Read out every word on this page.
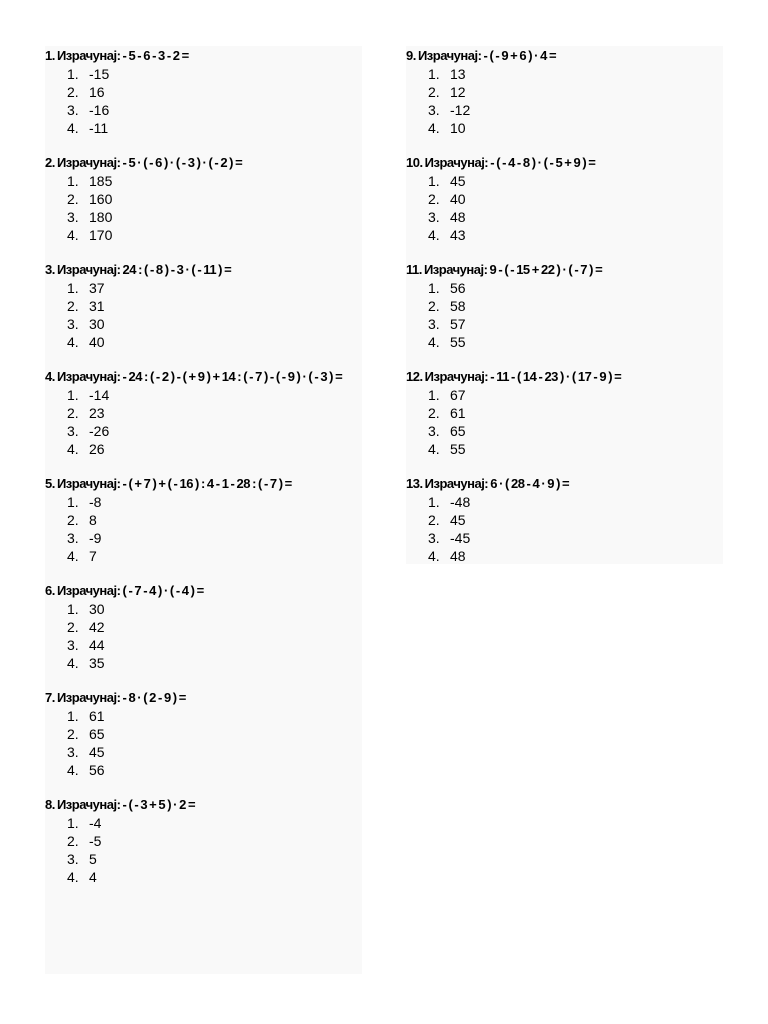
1. Израчунај: - 5 - 6 - 3 - 2 =
1. -15
2. 16
3. -16
4. -11
2. Израчунај: - 5 · ( - 6 ) · ( - 3 ) · ( - 2 ) =
1. 185
2. 160
3. 180
4. 170
3. Израчунај: 24 : ( - 8 ) - 3 · ( - 11 ) =
1. 37
2. 31
3. 30
4. 40
4. Израчунај: - 24 : ( - 2 ) - ( + 9 ) + 14 : ( - 7 ) - ( - 9 ) · ( - 3 ) =
1. -14
2. 23
3. -26
4. 26
5. Израчунај: - ( + 7 ) + ( - 16 ) : 4 - 1 - 28 : ( - 7 ) =
1. -8
2. 8
3. -9
4. 7
6. Израчунај: ( - 7 - 4 ) · ( - 4 ) =
1. 30
2. 42
3. 44
4. 35
7. Израчунај: - 8 · ( 2 - 9 ) =
1. 61
2. 65
3. 45
4. 56
8. Израчунај: - ( - 3 + 5 ) · 2 =
1. -4
2. -5
3. 5
4. 4
9. Израчунај: - ( - 9 + 6 ) · 4 =
1. 13
2. 12
3. -12
4. 10
10. Израчунај: - ( - 4 - 8 ) · ( - 5 + 9 ) =
1. 45
2. 40
3. 48
4. 43
11. Израчунај: 9 - ( - 15 + 22 ) · ( - 7 ) =
1. 56
2. 58
3. 57
4. 55
12. Израчунај: - 11 - ( 14 - 23 ) · ( 17 - 9 ) =
1. 67
2. 61
3. 65
4. 55
13. Израчунај: 6 · ( 28 - 4 · 9 ) =
1. -48
2. 45
3. -45
4. 48
